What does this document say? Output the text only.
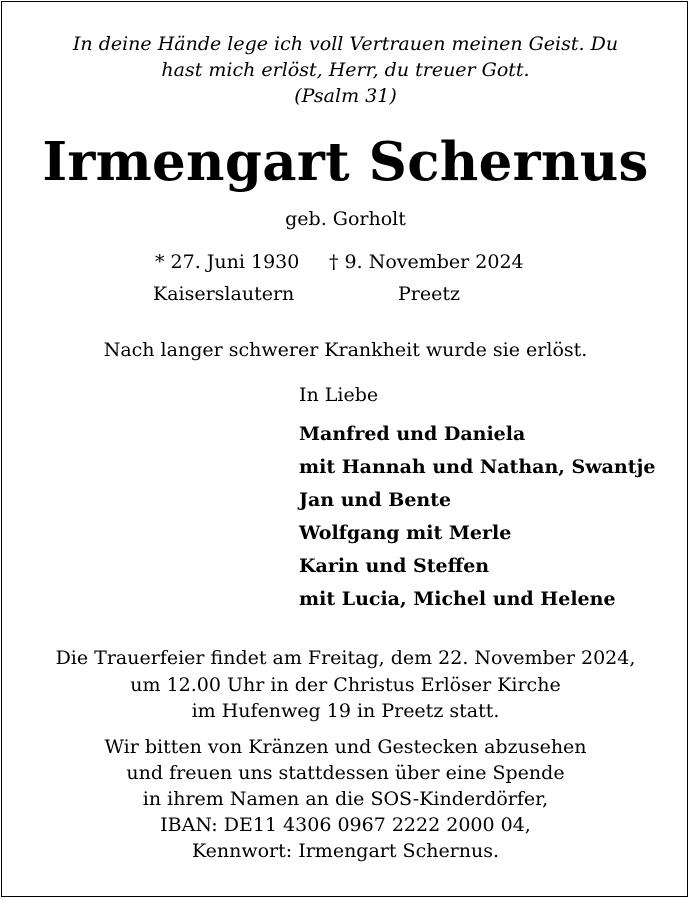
In deine Hände lege ich voll Vertrauen meinen Geist. Du
hast mich erlöst, Herr, du treuer Gott.
(Psalm 31)
Irmengart Schernus
geb. Gorholt
* 27. Juni 1930 † 9. November 2024
Kaiserslautern	Preetz
Nach langer schwerer Krankheit wurde sie erlöst.
In Liebe
Manfred und Daniela
mit Hannah und Nathan, Swantje
Jan und Bente
Wolfgang mit Merle
Karin und Steffen
mit Lucia, Michel und Helene
Die Trauerfeier findet am Freitag, dem 22. November 2024,
um 12.00 Uhr in der Christus Erlöser Kirche
im Hufenweg 19 in Preetz statt.
Wir bitten von Kränzen und Gestecken abzusehen
und freuen uns stattdessen über eine Spende
in ihrem Namen an die SOS-Kinderdörfer,
IBAN: DE11 4306 0967 2222 2000 04,
Kennwort: Irmengart Schernus.
